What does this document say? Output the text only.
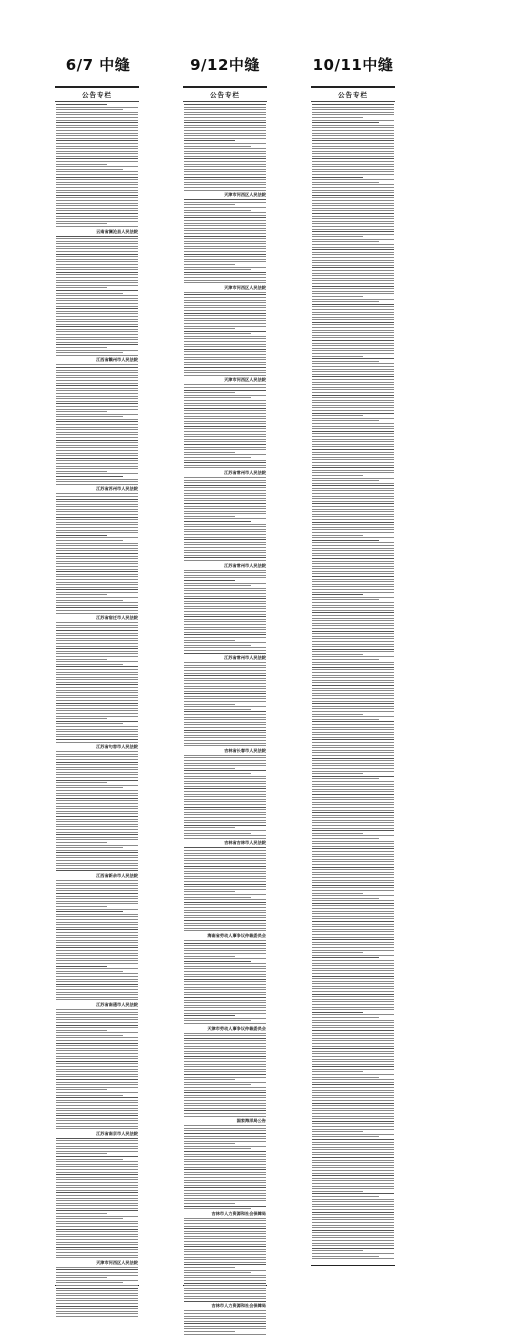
6/7 中缝	9/12中缝	10/11中缝
公告专栏
云南省澜沧县人民法院
江西省赣州市人民法院
江苏省苏州市人民法院
江苏省宿迁市人民法院
江苏省句容市人民法院
江西省新余市人民法院
江苏省南通市人民法院
江苏省南京市人民法院
天津市河西区人民法院
公告专栏
天津市河西区人民法院
天津市河西区人民法院
天津市河西区人民法院
江苏省常州市人民法院
江苏省常州市人民法院
江苏省常州市人民法院
吉林省长春市人民法院
吉林省吉林市人民法院
海南省劳动人事争议仲裁委员会
天津市劳动人事争议仲裁委员会
国家海洋局公告
吉林市人力资源和社会保障局
吉林市人力资源和社会保障局
公告专栏
